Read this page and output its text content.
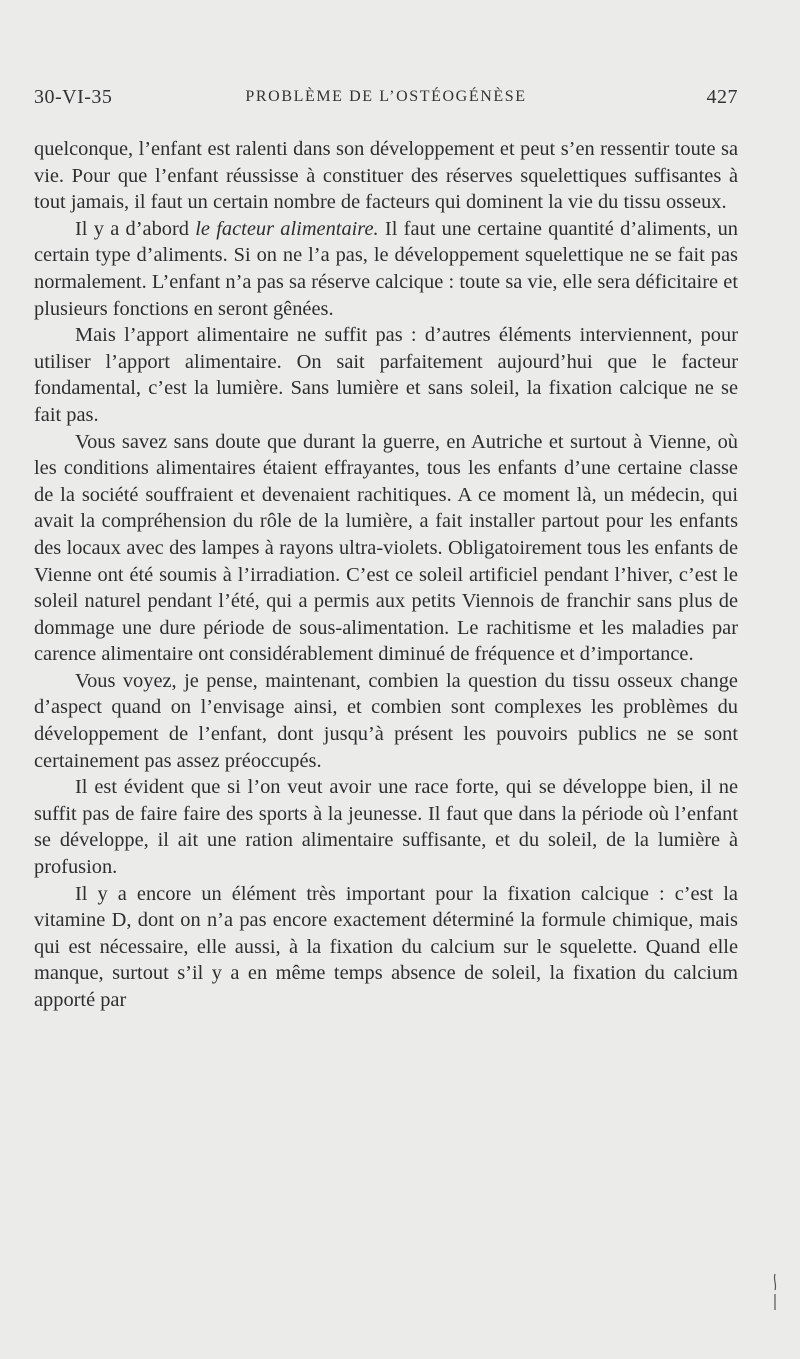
30-VI-35	PROBLÈME DE L’OSTÉOGÉNÈSE	427

quelconque, l’enfant est ralenti dans son développement et peut s’en ressentir toute sa vie. Pour que l’enfant réussisse à constituer des réserves squelettiques suffisantes à tout jamais, il faut un certain nombre de facteurs qui dominent la vie du tissu osseux.

Il y a d’abord le facteur alimentaire. Il faut une certaine quantité d’aliments, un certain type d’aliments. Si on ne l’a pas, le développement squelettique ne se fait pas normalement. L’enfant n’a pas sa réserve calcique : toute sa vie, elle sera déficitaire et plusieurs fonctions en seront gênées.

Mais l’apport alimentaire ne suffit pas : d’autres éléments interviennent, pour utiliser l’apport alimentaire. On sait parfaitement aujourd’hui que le facteur fondamental, c’est la lumière. Sans lumière et sans soleil, la fixation calcique ne se fait pas.

Vous savez sans doute que durant la guerre, en Autriche et surtout à Vienne, où les conditions alimentaires étaient effrayantes, tous les enfants d’une certaine classe de la société souffraient et devenaient rachitiques. A ce moment là, un médecin, qui avait la compréhension du rôle de la lumière, a fait installer partout pour les enfants des locaux avec des lampes à rayons ultra-violets. Obligatoirement tous les enfants de Vienne ont été soumis à l’irradiation. C’est ce soleil artificiel pendant l’hiver, c’est le soleil naturel pendant l’été, qui a permis aux petits Viennois de franchir sans plus de dommage une dure période de sous-alimentation. Le rachitisme et les maladies par carence alimentaire ont considérablement diminué de fréquence et d’importance.

Vous voyez, je pense, maintenant, combien la question du tissu osseux change d’aspect quand on l’envisage ainsi, et combien sont complexes les problèmes du développement de l’enfant, dont jusqu’à présent les pouvoirs publics ne se sont certainement pas assez préoccupés.

Il est évident que si l’on veut avoir une race forte, qui se développe bien, il ne suffit pas de faire faire des sports à la jeunesse. Il faut que dans la période où l’enfant se développe, il ait une ration alimentaire suffisante, et du soleil, de la lumière à profusion.

Il y a encore un élément très important pour la fixation calcique : c’est la vitamine D, dont on n’a pas encore exactement déterminé la formule chimique, mais qui est nécessaire, elle aussi, à la fixation du calcium sur le squelette. Quand elle manque, surtout s’il y a en même temps absence de soleil, la fixation du calcium apporté par
